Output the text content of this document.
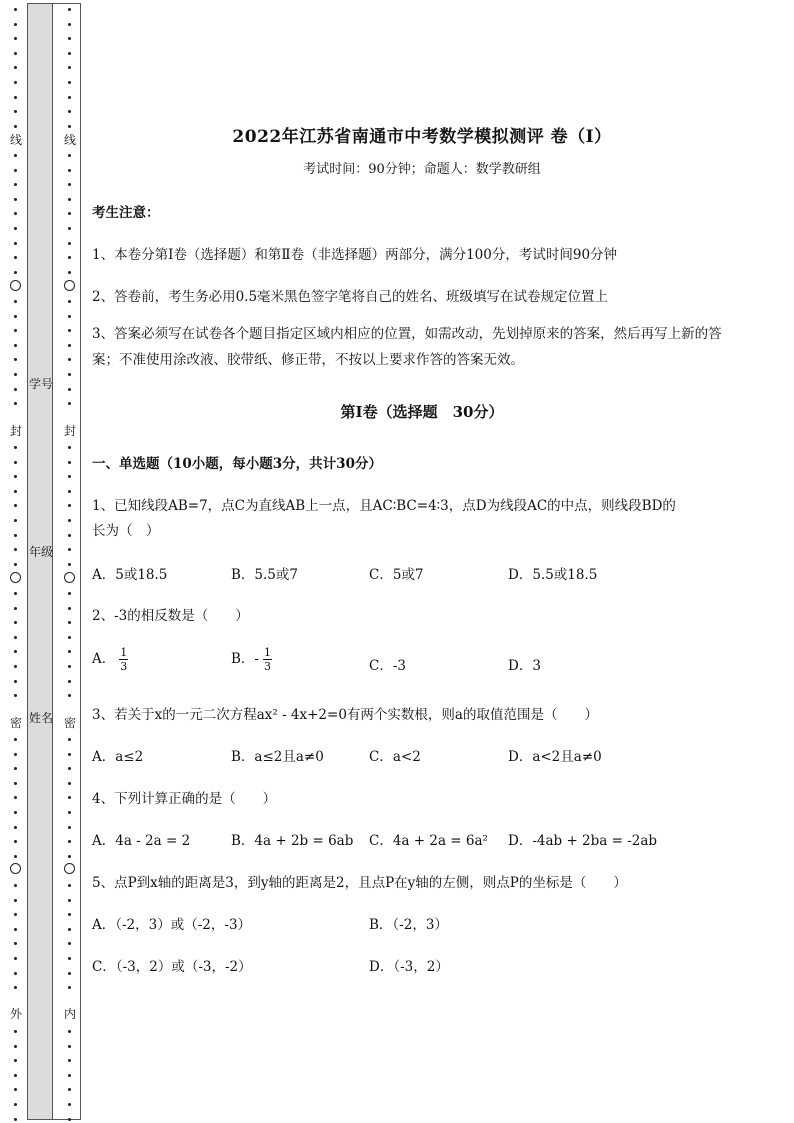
线
封
密
外
学号
年级
姓名
线
封
密
内
2022年江苏省南通市中考数学模拟测评 卷（Ⅰ）
考试时间：90分钟；命题人：数学教研组
考生注意：
1、本卷分第Ⅰ卷（选择题）和第Ⅱ卷（非选择题）两部分，满分100分，考试时间90分钟
2、答卷前，考生务必用0.5毫米黑色签字笔将自己的姓名、班级填写在试卷规定位置上
3、答案必须写在试卷各个题目指定区域内相应的位置，如需改动，先划掉原来的答案，然后再写上新的答案；不准使用涂改液、胶带纸、修正带，不按以上要求作答的答案无效。
第Ⅰ卷（选择题　30分）
一、单选题（10小题，每小题3分，共计30分）
1、已知线段AB=7，点C为直线AB上一点，且AC∶BC=4∶3，点D为线段AC的中点，则线段BD的
长为（　）
A．5或18.5	B．5.5或7	C．5或7	D．5.5或18.5
2、-3的相反数是（　　）
A． $\frac{1}{3}$	B．- $\frac{1}{3}$	C．-3	D．3
3、若关于x的一元二次方程ax² - 4x+2=0有两个实数根，则a的取值范围是（　　）
A．a≤2	B．a≤2且a≠0	C．a<2	D．a<2且a≠0
4、下列计算正确的是（　　）
A．4a - 2a = 2	B．4a + 2b = 6ab C．4a + 2a = 6a² D．-4ab + 2ba = -2ab
5、点P到x轴的距离是3，到y轴的距离是2，且点P在y轴的左侧，则点P的坐标是（　　）
A．（-2，3）或（-2，-3）	B．（-2，3）
C．（-3，2）或（-3，-2）	D．（-3，2）
